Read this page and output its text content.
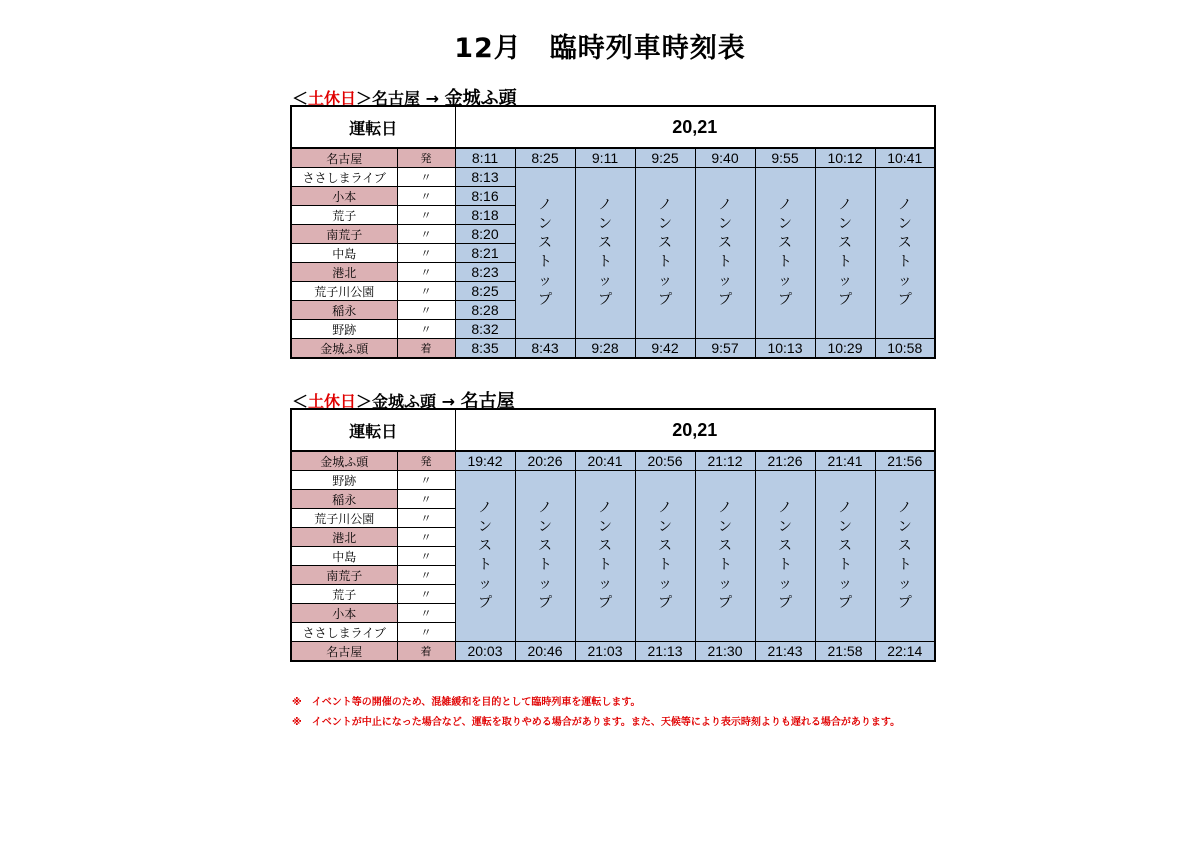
12月　臨時列車時刻表
＜土休日＞名古屋 → 金城ふ頭
運転日		20,21							
名古屋	発	8:11	8:25	9:11	9:25	9:40	9:55	10:12	10:41
ささしまライブ	〃	8:13	ノンストップ	ノンストップ	ノンストップ	ノンストップ	ノンストップ	ノンストップ	ノンストップ
小本	〃	8:16							
荒子	〃	8:18							
南荒子	〃	8:20							
中島	〃	8:21							
港北	〃	8:23							
荒子川公園	〃	8:25							
稲永	〃	8:28							
野跡	〃	8:32							
金城ふ頭	着	8:35	8:43	9:28	9:42	9:57	10:13	10:29	10:58
＜土休日＞金城ふ頭 → 名古屋
運転日		20,21							
金城ふ頭	発	19:42	20:26	20:41	20:56	21:12	21:26	21:41	21:56
野跡	〃	ノンストップ	ノンストップ	ノンストップ	ノンストップ	ノンストップ	ノンストップ	ノンストップ	ノンストップ
稲永	〃								
荒子川公園	〃								
港北	〃								
中島	〃								
南荒子	〃								
荒子	〃								
小本	〃								
ささしまライブ	〃								
名古屋	着	20:03	20:46	21:03	21:13	21:30	21:43	21:58	22:14
※　イベント等の開催のため、混雑緩和を目的として臨時列車を運転します。
※　イベントが中止になった場合など、運転を取りやめる場合があります。また、天候等により表示時刻よりも遅れる場合があります。
